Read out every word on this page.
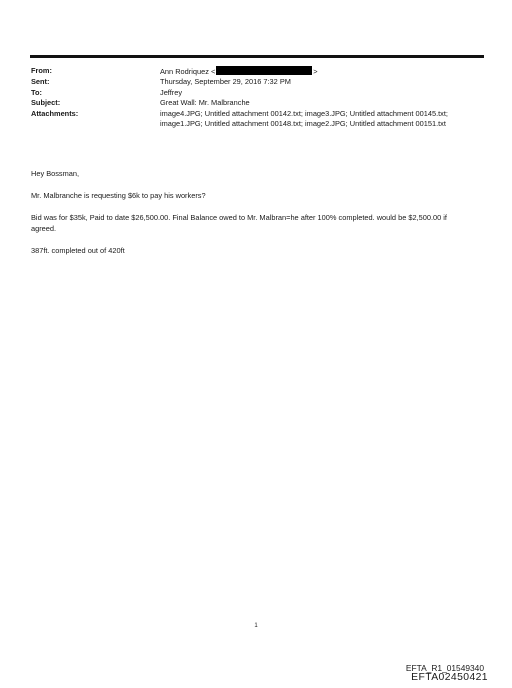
From:	Ann Rodriquez <	>
Sent:	Thursday, September 29, 2016 7:32 PM
To:	Jeffrey
Subject:	Great Wall: Mr. Malbranche
Attachments:	image4.JPG; Untitled attachment 00142.txt; image3.JPG; Untitled attachment 00145.txt; image1.JPG; Untitled attachment 00148.txt; image2.JPG; Untitled attachment 00151.txt

Hey Bossman,

Mr. Malbranche is requesting $6k to pay his workers?

Bid was for $35k, Paid to date $26,500.00. Final Balance owed to Mr. Malbran=he after 100% completed. would be $2,500.00 if agreed.

387ft. completed out of 420ft

1
EFTA_R1_01549340
EFTA02450421
